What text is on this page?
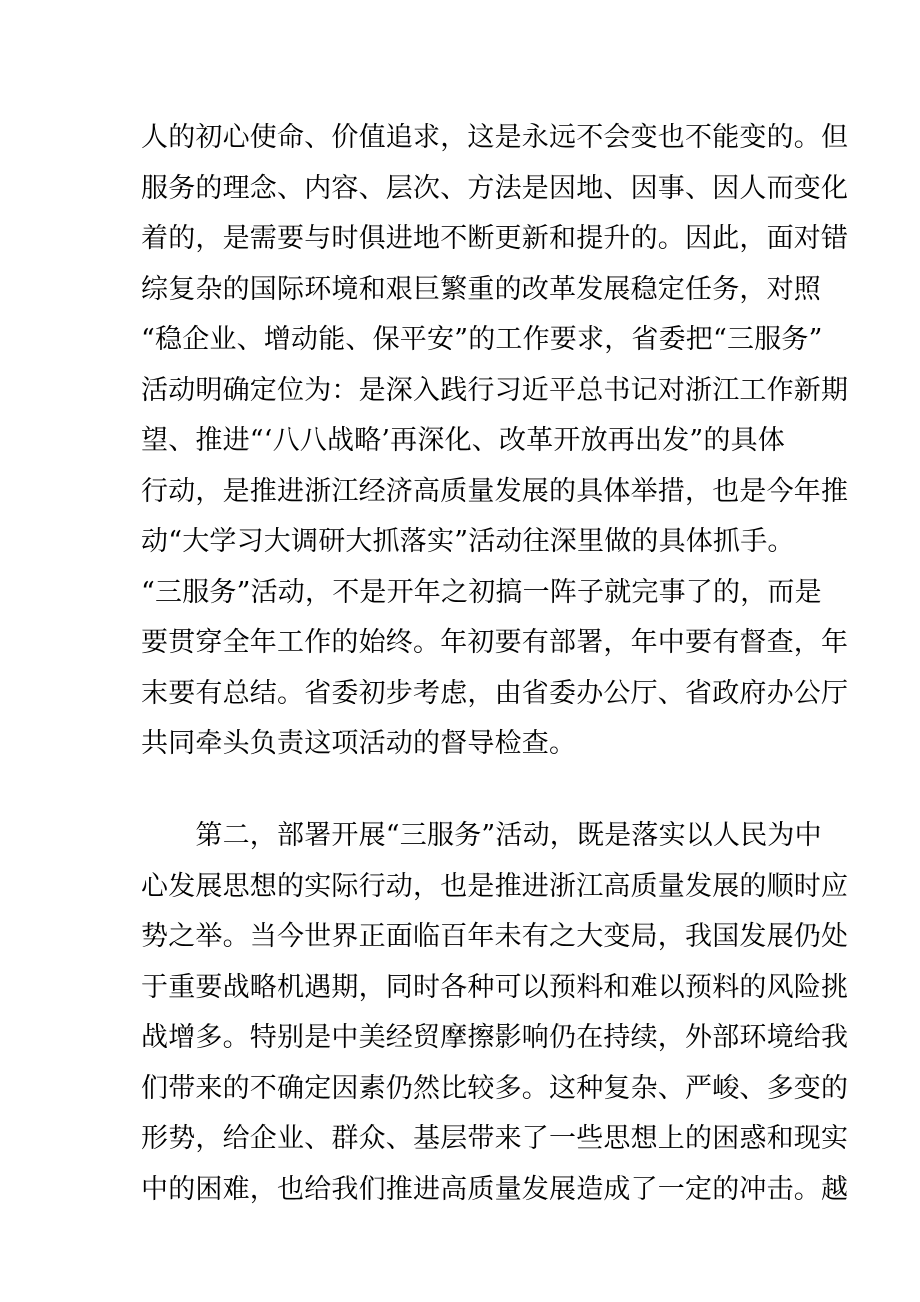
人的初心使命、价值追求，这是永远不会变也不能变的。但
服务的理念、内容、层次、方法是因地、因事、因人而变化
着的，是需要与时俱进地不断更新和提升的。因此，面对错
综复杂的国际环境和艰巨繁重的改革发展稳定任务，对照
“稳企业、增动能、保平安”的工作要求，省委把“三服务”
活动明确定位为：是深入践行习近平总书记对浙江工作新期
望、推进“‘八八战略’再深化、改革开放再出发”的具体
行动，是推进浙江经济高质量发展的具体举措，也是今年推
动“大学习大调研大抓落实”活动往深里做的具体抓手。
“三服务”活动，不是开年之初搞一阵子就完事了的，而是
要贯穿全年工作的始终。年初要有部署，年中要有督查，年
末要有总结。省委初步考虑，由省委办公厅、省政府办公厅
共同牵头负责这项活动的督导检查。
　　第二，部署开展“三服务”活动，既是落实以人民为中
心发展思想的实际行动，也是推进浙江高质量发展的顺时应
势之举。当今世界正面临百年未有之大变局，我国发展仍处
于重要战略机遇期，同时各种可以预料和难以预料的风险挑
战增多。特别是中美经贸摩擦影响仍在持续，外部环境给我
们带来的不确定因素仍然比较多。这种复杂、严峻、多变的
形势，给企业、群众、基层带来了一些思想上的困惑和现实
中的困难，也给我们推进高质量发展造成了一定的冲击。越
